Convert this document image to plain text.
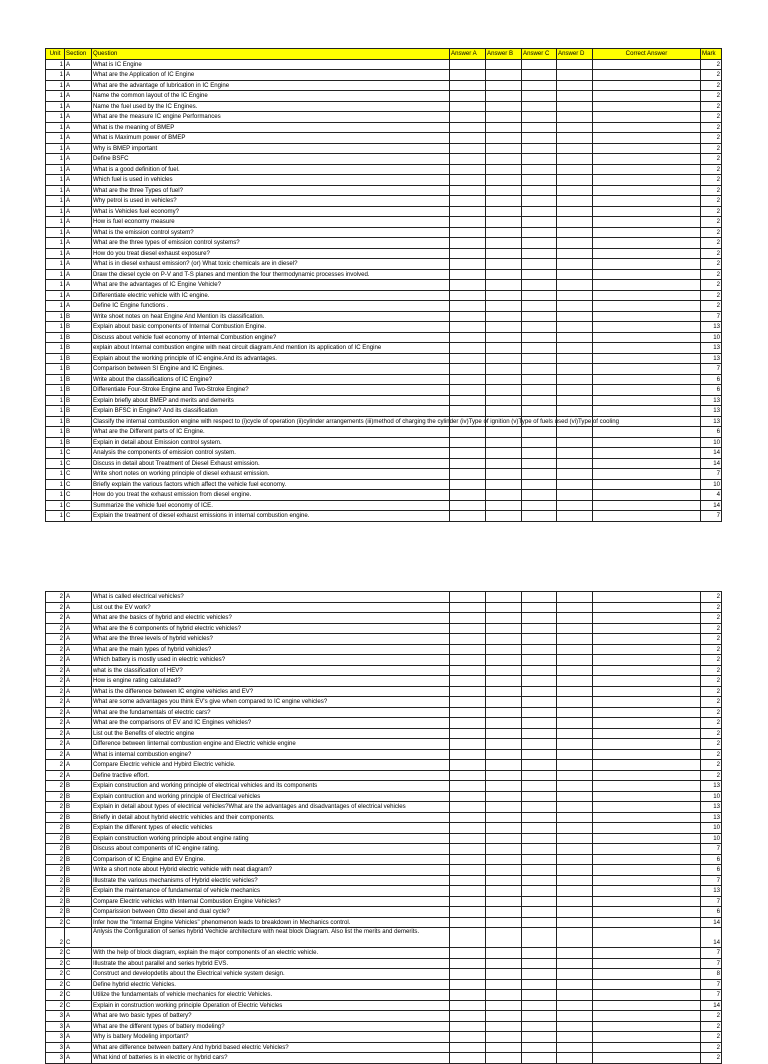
Unit	Section	Question	Answer A	Answer B	Answer C	Answer D	Correct Answer	Mark
1	A	What is IC Engine						2
1	A	What are the Application of IC Engine						2
1	A	What are the advantage of lubrication in IC Engine						2
1	A	Name the common layout of the IC Engine						2
1	A	Name the fuel used by the IC Engines.						2
1	A	What are the measure IC engine Performances						2
1	A	What is the meaning of BMEP						2
1	A	What is Maximum power of BMEP						2
1	A	Why is BMEP important						2
1	A	Define BSFC						2
1	A	What is a good definition of fuel.						2
1	A	Which fuel is used in vehicles						2
1	A	What are the three Types of fuel?						2
1	A	Why petrol is used in vehicles?						2
1	A	What is Vehicles fuel economy?						2
1	A	How is fuel economy measure						2
1	A	What is the emission control system?						2
1	A	What are the three types of emission control systems?						2
1	A	How do you treat diesel exhaust exposure?						2
1	A	What is in diesel exhaust emission? (or) What toxic chemicals are in diesel?						2
1	A	Draw the diesel cycle on P-V and T-S planes and mention the four thermodynamic processes involved.						2
1	A	What are the advantages of IC Engine Vehicle?						2
1	A	Differentiate electric vehicle with IC engine.						2
1	A	Define IC Engine functions .						2
1	B	Write shoet notes on heat Engine And Mention its classification.						7
1	B	Explain about basic components of Internal Combustion Engine.						13
1	B	Discuss about vehicle fuel economy of Internal Combustion engine?						10
1	B	explain about Internal combustion engine with neat circuit diagram.And mention its application of IC Engine						13
1	B	Explain about the working principle of IC engine.And its advantages.						13
1	B	Comparison between SI Engine and IC Engines.						7
1	B	Write about the classifications of IC Engine?						6
1	B	Differentiate Four-Stroke Engine and Two-Stroke Engine?						6
1	B	Explain briefly about BMEP and merits and demerits						13
1	B	Explain BFSC in Engine? And its classification						13
1	B	Classify the internal combustion engine with respect to (i)cycle of operation (ii)cylinder arrangements (iii)method of charging the cylinder (iv)Type of ignition (v)Type of fuels used (vi)Type of cooling						13
1	B	What are the Different parts of IC Engine.						6
1	B	Explain in detail about Emission control system.						10
1	C	Analysis the components of emission control system.						14
1	C	Discuss in detail about Treatment of Diesel Exhaust emission.						14
1	C	Write short notes on working principle of diesel exhaust emission.						7
1	C	Briefly explain the various factors which affect the vehicle fuel economy.						10
1	C	How do you treat the exhaust emission from diesel engine.						4
1	C	Summarize the vehicle fuel economy of ICE.						14
1	C	Explain the treatment of diesel exhaust emissions in internal combustion engine.						7
2	A	What is called electrical vehicles?						2
2	A	List out the EV work?						2
2	A	What are the basics of hybrid and electric vehicles?						2
2	A	What are the 6 components of hybrid electric vehicles?						2
2	A	What are the three levels of hybrid vehicles?						2
2	A	What are the main types of hybrid vehicles?						2
2	A	Which battery is mostly used in electric vehicles?						2
2	A	what is the classification of HEV?						2
2	A	How is engine rating calculated?						2
2	A	What is the difference between IC engine vehicles and EV?						2
2	A	What are some advantages you think EV's give when compared to IC engine vehicles?						2
2	A	What are the fundamentals of electric cars?						2
2	A	What are the comparisons of EV and IC Engines vehicles?						2
2	A	List out the Benefits of electric engine						2
2	A	Difference between Iinternal combustion engine and Electric vehicle engine						2
2	A	What is internal combustion engine?						2
2	A	Compare Electric vehicle and Hybird Electric vehicle.						2
2	A	Define tractive effort.						2
2	B	Explain construction and working principle of electrical vehicles and its components						13
2	B	Explain contruction and working principle of Electrical vehicles						10
2	B	Explain in detail about types of electrical vehicles?What are the advantages and disadvantages of electrical vehicles						13
2	B	Briefly in detail about hybrid electric vehicles and their components.						13
2	B	Explain the different types of electic vehicles						10
2	B	Explain construction working principle about engine rating						10
2	B	Discuss about components of IC engine rating.						7
2	B	Comparison of IC Engine and EV Engine.						6
2	B	Write a short note about Hybrid electric vehicle with neat diagram?						6
2	B	Illustrate the various mechanisms of Hybrid electric vehicles?						7
2	B	Explain the maintenance of fundamental of vehicle mechanics						13
2	B	Compare Electric vehicles with Internal Combustion Engine Vehicles?						7
2	B	Comparission between Otto diesel and dual cycle?						6
2	C	Infer how the "Internal Engine Vehicles" phenomenon leads to breakdown in Mechanics control.						14
2	C	Anlysis the Configuration of series hybrid Vechicle architecture with neat block Diagram. Also list the merits and demerits.						14
2	C	With the help of block diagram, explain the major components of an electric vehicle.						7
2	C	Illustrate the about parallel and series hybrid EVS.						7
2	C	Construct and developdetils about the Electrical vehicle system design.						8
2	C	Define hybrid electric Vehicles.						7
2	C	Utilize the fundamentals of vehicle mechanics for electric Vehicles.						7
2	C	Explain in construction working principle Operation of Electric Vehicles						14
3	A	What are two basic types of battery?						2
3	A	What are the different types of battery modeling?						2
3	A	Why is battery Modeling important?						2
3	A	What are difference between battery And hybrid based electric Vehicles?						2
3	A	What kind of batteries is in electric or hybrid cars?						2
